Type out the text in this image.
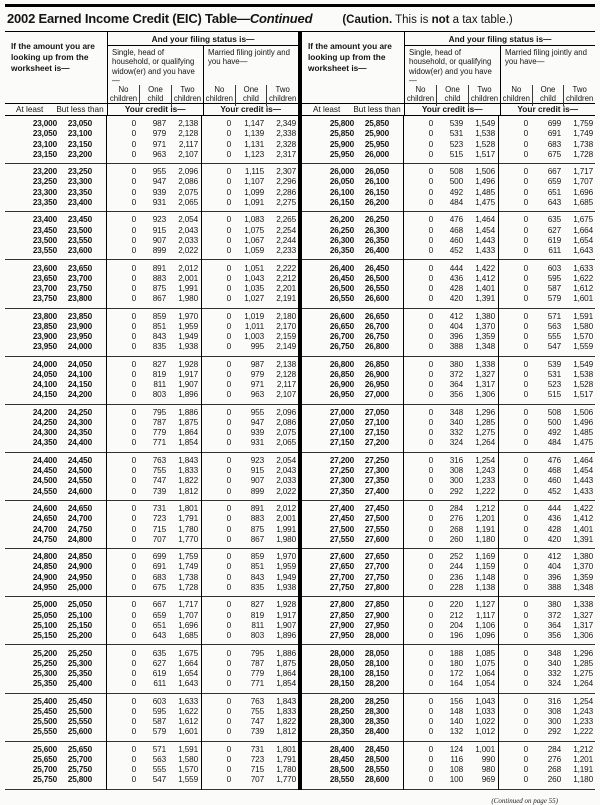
2002 Earned Income Credit (EIC) Table —Continued	(Caution. This is not a tax table.)
If the amount you are looking up from the worksheet is—
And your filing status is—
Single, head of household, or qualifying widow(er) and you have—
No children
One child
Two children
Married filing jointly and you have—
No children
One child
Two children
At least But less than	Your credit is—	Your credit is—
23,000	23,050	0	987	2,138	0	1,147	2,349
23,050	23,100	0	979	2,128	0	1,139	2,338
23,100	23,150	0	971	2,117	0	1,131	2,328
23,150	23,200	0	963	2,107	0	1,123	2,317
23,200	23,250	0	955	2,096	0	1,115	2,307
23,250	23,300	0	947	2,086	0	1,107	2,296
23,300	23,350	0	939	2,075	0	1,099	2,286
23,350	23,400	0	931	2,065	0	1,091	2,275
23,400	23,450	0	923	2,054	0	1,083	2,265
23,450	23,500	0	915	2,043	0	1,075	2,254
23,500	23,550	0	907	2,033	0	1,067	2,244
23,550	23,600	0	899	2,022	0	1,059	2,233
23,600	23,650	0	891	2,012	0	1,051	2,222
23,650	23,700	0	883	2,001	0	1,043	2,212
23,700	23,750	0	875	1,991	0	1,035	2,201
23,750	23,800	0	867	1,980	0	1,027	2,191
23,800	23,850	0	859	1,970	0	1,019	2,180
23,850	23,900	0	851	1,959	0	1,011	2,170
23,900	23,950	0	843	1,949	0	1,003	2,159
23,950	24,000	0	835	1,938	0	995	2,149
24,000	24,050	0	827	1,928	0	987	2,138
24,050	24,100	0	819	1,917	0	979	2,128
24,100	24,150	0	811	1,907	0	971	2,117
24,150	24,200	0	803	1,896	0	963	2,107
24,200	24,250	0	795	1,886	0	955	2,096
24,250	24,300	0	787	1,875	0	947	2,086
24,300	24,350	0	779	1,864	0	939	2,075
24,350	24,400	0	771	1,854	0	931	2,065
24,400	24,450	0	763	1,843	0	923	2,054
24,450	24,500	0	755	1,833	0	915	2,043
24,500	24,550	0	747	1,822	0	907	2,033
24,550	24,600	0	739	1,812	0	899	2,022
24,600	24,650	0	731	1,801	0	891	2,012
24,650	24,700	0	723	1,791	0	883	2,001
24,700	24,750	0	715	1,780	0	875	1,991
24,750	24,800	0	707	1,770	0	867	1,980
24,800	24,850	0	699	1,759	0	859	1,970
24,850	24,900	0	691	1,749	0	851	1,959
24,900	24,950	0	683	1,738	0	843	1,949
24,950	25,000	0	675	1,728	0	835	1,938
25,000	25,050	0	667	1,717	0	827	1,928
25,050	25,100	0	659	1,707	0	819	1,917
25,100	25,150	0	651	1,696	0	811	1,907
25,150	25,200	0	643	1,685	0	803	1,896
25,200	25,250	0	635	1,675	0	795	1,886
25,250	25,300	0	627	1,664	0	787	1,875
25,300	25,350	0	619	1,654	0	779	1,864
25,350	25,400	0	611	1,643	0	771	1,854
25,400	25,450	0	603	1,633	0	763	1,843
25,450	25,500	0	595	1,622	0	755	1,833
25,500	25,550	0	587	1,612	0	747	1,822
25,550	25,600	0	579	1,601	0	739	1,812
25,600	25,650	0	571	1,591	0	731	1,801
25,650	25,700	0	563	1,580	0	723	1,791
25,700	25,750	0	555	1,570	0	715	1,780
25,750	25,800	0	547	1,559	0	707	1,770
If the amount you are looking up from the worksheet is—
And your filing status is—
Single, head of household, or qualifying widow(er) and you have—
No children
One child
Two children
Married filing jointly and you have—
No children
One child
Two children
At least But less than	Your credit is—	Your credit is—
25,800	25,850	0	539	1,549	0	699	1,759
25,850	25,900	0	531	1,538	0	691	1,749
25,900	25,950	0	523	1,528	0	683	1,738
25,950	26,000	0	515	1,517	0	675	1,728
26,000	26,050	0	508	1,506	0	667	1,717
26,050	26,100	0	500	1,496	0	659	1,707
26,100	26,150	0	492	1,485	0	651	1,696
26,150	26,200	0	484	1,475	0	643	1,685
26,200	26,250	0	476	1,464	0	635	1,675
26,250	26,300	0	468	1,454	0	627	1,664
26,300	26,350	0	460	1,443	0	619	1,654
26,350	26,400	0	452	1,433	0	611	1,643
26,400	26,450	0	444	1,422	0	603	1,633
26,450	26,500	0	436	1,412	0	595	1,622
26,500	26,550	0	428	1,401	0	587	1,612
26,550	26,600	0	420	1,391	0	579	1,601
26,600	26,650	0	412	1,380	0	571	1,591
26,650	26,700	0	404	1,370	0	563	1,580
26,700	26,750	0	396	1,359	0	555	1,570
26,750	26,800	0	388	1,348	0	547	1,559
26,800	26,850	0	380	1,338	0	539	1,549
26,850	26,900	0	372	1,327	0	531	1,538
26,900	26,950	0	364	1,317	0	523	1,528
26,950	27,000	0	356	1,306	0	515	1,517
27,000	27,050	0	348	1,296	0	508	1,506
27,050	27,100	0	340	1,285	0	500	1,496
27,100	27,150	0	332	1,275	0	492	1,485
27,150	27,200	0	324	1,264	0	484	1,475
27,200	27,250	0	316	1,254	0	476	1,464
27,250	27,300	0	308	1,243	0	468	1,454
27,300	27,350	0	300	1,233	0	460	1,443
27,350	27,400	0	292	1,222	0	452	1,433
27,400	27,450	0	284	1,212	0	444	1,422
27,450	27,500	0	276	1,201	0	436	1,412
27,500	27,550	0	268	1,191	0	428	1,401
27,550	27,600	0	260	1,180	0	420	1,391
27,600	27,650	0	252	1,169	0	412	1,380
27,650	27,700	0	244	1,159	0	404	1,370
27,700	27,750	0	236	1,148	0	396	1,359
27,750	27,800	0	228	1,138	0	388	1,348
27,800	27,850	0	220	1,127	0	380	1,338
27,850	27,900	0	212	1,117	0	372	1,327
27,900	27,950	0	204	1,106	0	364	1,317
27,950	28,000	0	196	1,096	0	356	1,306
28,000	28,050	0	188	1,085	0	348	1,296
28,050	28,100	0	180	1,075	0	340	1,285
28,100	28,150	0	172	1,064	0	332	1,275
28,150	28,200	0	164	1,054	0	324	1,264
28,200	28,250	0	156	1,043	0	316	1,254
28,250	28,300	0	148	1,033	0	308	1,243
28,300	28,350	0	140	1,022	0	300	1,233
28,350	28,400	0	132	1,012	0	292	1,222
28,400	28,450	0	124	1,001	0	284	1,212
28,450	28,500	0	116	990	0	276	1,201
28,500	28,550	0	108	980	0	268	1,191
28,550	28,600	0	100	969	0	260	1,180
(Continued on page 55)
